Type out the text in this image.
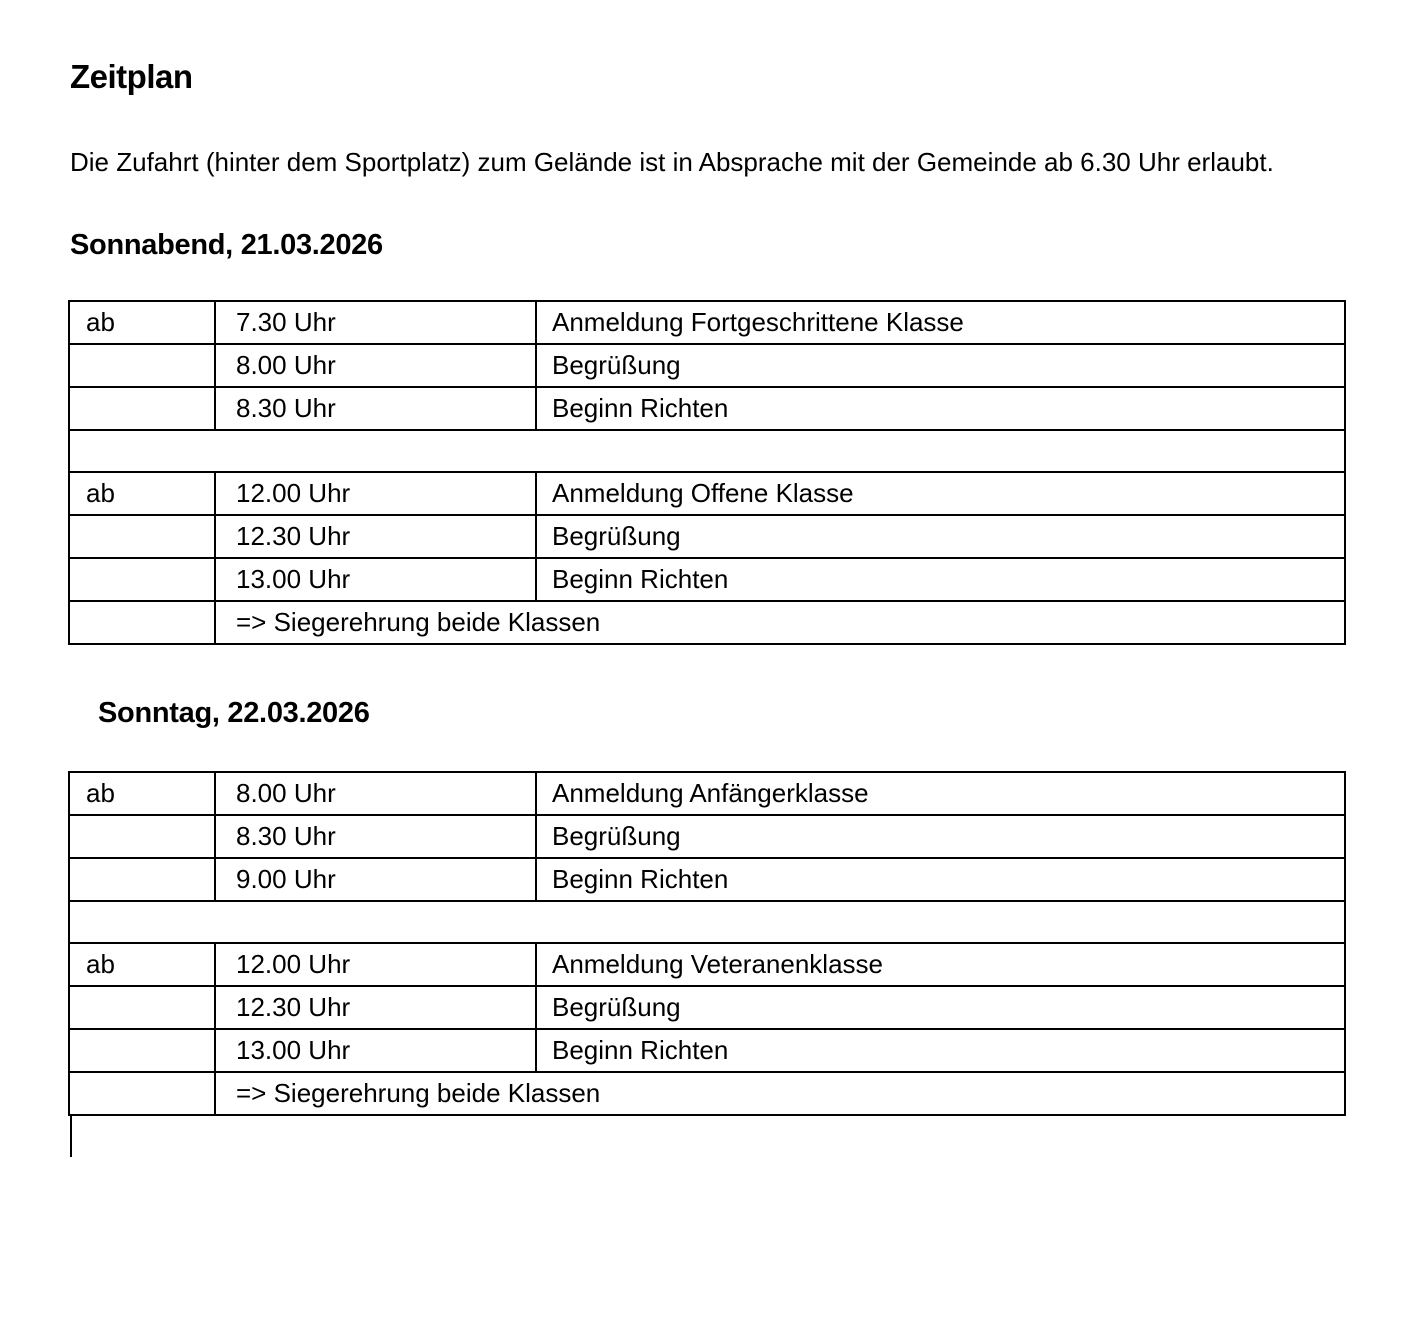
Zeitplan

Die Zufahrt (hinter dem Sportplatz) zum Gelände ist in Absprache mit der Gemeinde ab 6.30 Uhr erlaubt.

Sonnabend, 21.03.2026
ab	7.30 Uhr	Anmeldung Fortgeschrittene Klasse
	8.00 Uhr	Begrüßung
	8.30 Uhr	Beginn Richten

ab	12.00 Uhr	Anmeldung Offene Klasse
	12.30 Uhr	Begrüßung
	13.00 Uhr	Beginn Richten
	=> Siegerehrung beide Klassen	
Sonntag, 22.03.2026
ab	8.00 Uhr	Anmeldung Anfängerklasse
	8.30 Uhr	Begrüßung
	9.00 Uhr	Beginn Richten

ab	12.00 Uhr	Anmeldung Veteranenklasse
	12.30 Uhr	Begrüßung
	13.00 Uhr	Beginn Richten
	=> Siegerehrung beide Klassen	
